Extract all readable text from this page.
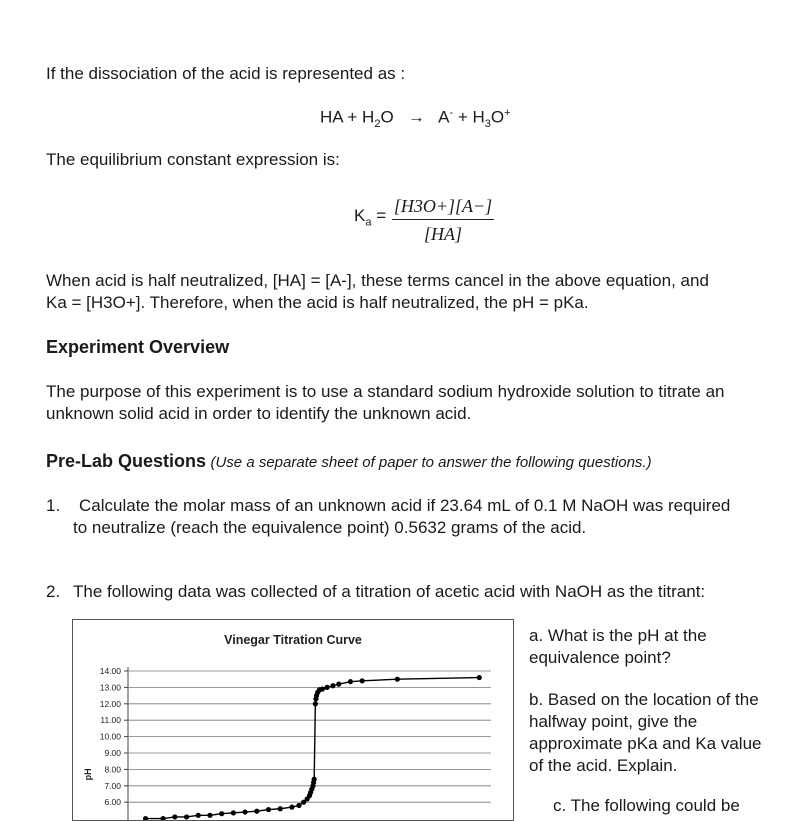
If the dissociation of the acid is represented as :
HA + $H_2O \to A^- + H_3O^+$
The equilibrium constant expression is:
$K_a = \frac{[H3O+][A-]}{[HA]}$
When acid is half neutralized, [HA] = [A-], these terms cancel in the above equation, and
Ka = [H3O+]. Therefore, when the acid is half neutralized, the pH = pKa.
Experiment Overview
The purpose of this experiment is to use a standard sodium hydroxide solution to titrate an
unknown solid acid in order to identify the unknown acid.
Pre-Lab Questions (Use a separate sheet of paper to answer the following questions.)
1. Calculate the molar mass of an unknown acid if 23.64 mL of 0.1 M NaOH was required
to neutralize (reach the equivalence point) 0.5632 grams of the acid.
2. The following data was collected of a titration of acetic acid with NaOH as the titrant:
a. What is the pH at the
equivalence point?
b. Based on the location of the
halfway point, give the
approximate pKa and Ka value
of the acid. Explain.
c. The following could be
Vinegar Titration Curve
14.00
13.00
12.00
11.00
10.00
9.00
8.00
7.00
6.00
pH
